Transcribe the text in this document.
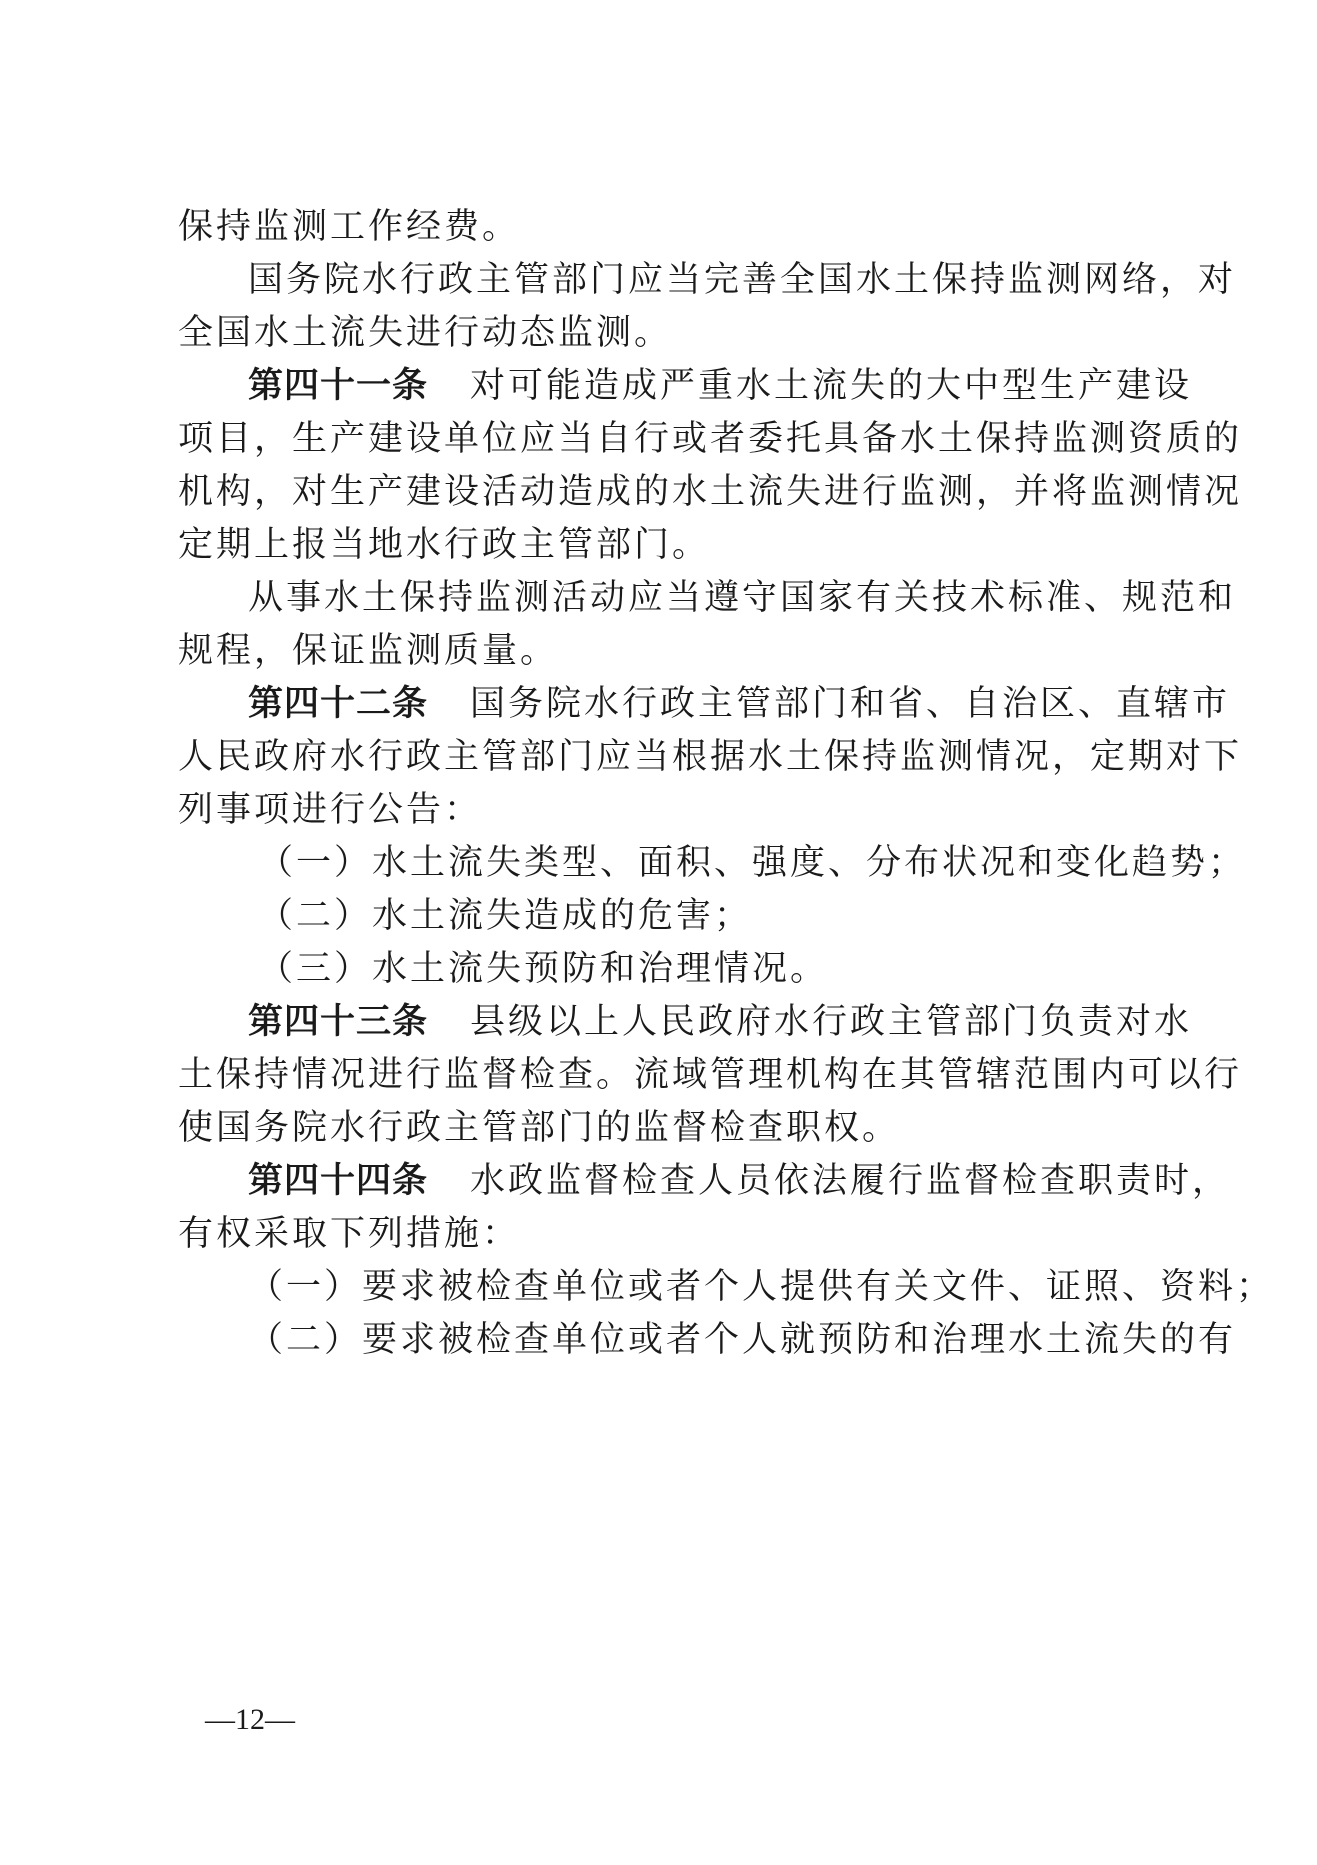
保持监测工作经费。
国务院水行政主管部门应当完善全国水土保持监测网络，对
全国水土流失进行动态监测。
第四十一条 对可能造成严重水土流失的大中型生产建设
项目，生产建设单位应当自行或者委托具备水土保持监测资质的
机构，对生产建设活动造成的水土流失进行监测，并将监测情况
定期上报当地水行政主管部门。
从事水土保持监测活动应当遵守国家有关技术标准、规范和
规程，保证监测质量。
第四十二条 国务院水行政主管部门和省、自治区、直辖市
人民政府水行政主管部门应当根据水土保持监测情况，定期对下
列事项进行公告：
（一）水土流失类型、面积、强度、分布状况和变化趋势；
（二）水土流失造成的危害；
（三）水土流失预防和治理情况。
第四十三条 县级以上人民政府水行政主管部门负责对水
土保持情况进行监督检查。流域管理机构在其管辖范围内可以行
使国务院水行政主管部门的监督检查职权。
第四十四条 水政监督检查人员依法履行监督检查职责时，
有权采取下列措施：
（一）要求被检查单位或者个人提供有关文件、证照、资料；
（二）要求被检查单位或者个人就预防和治理水土流失的有
—12—
